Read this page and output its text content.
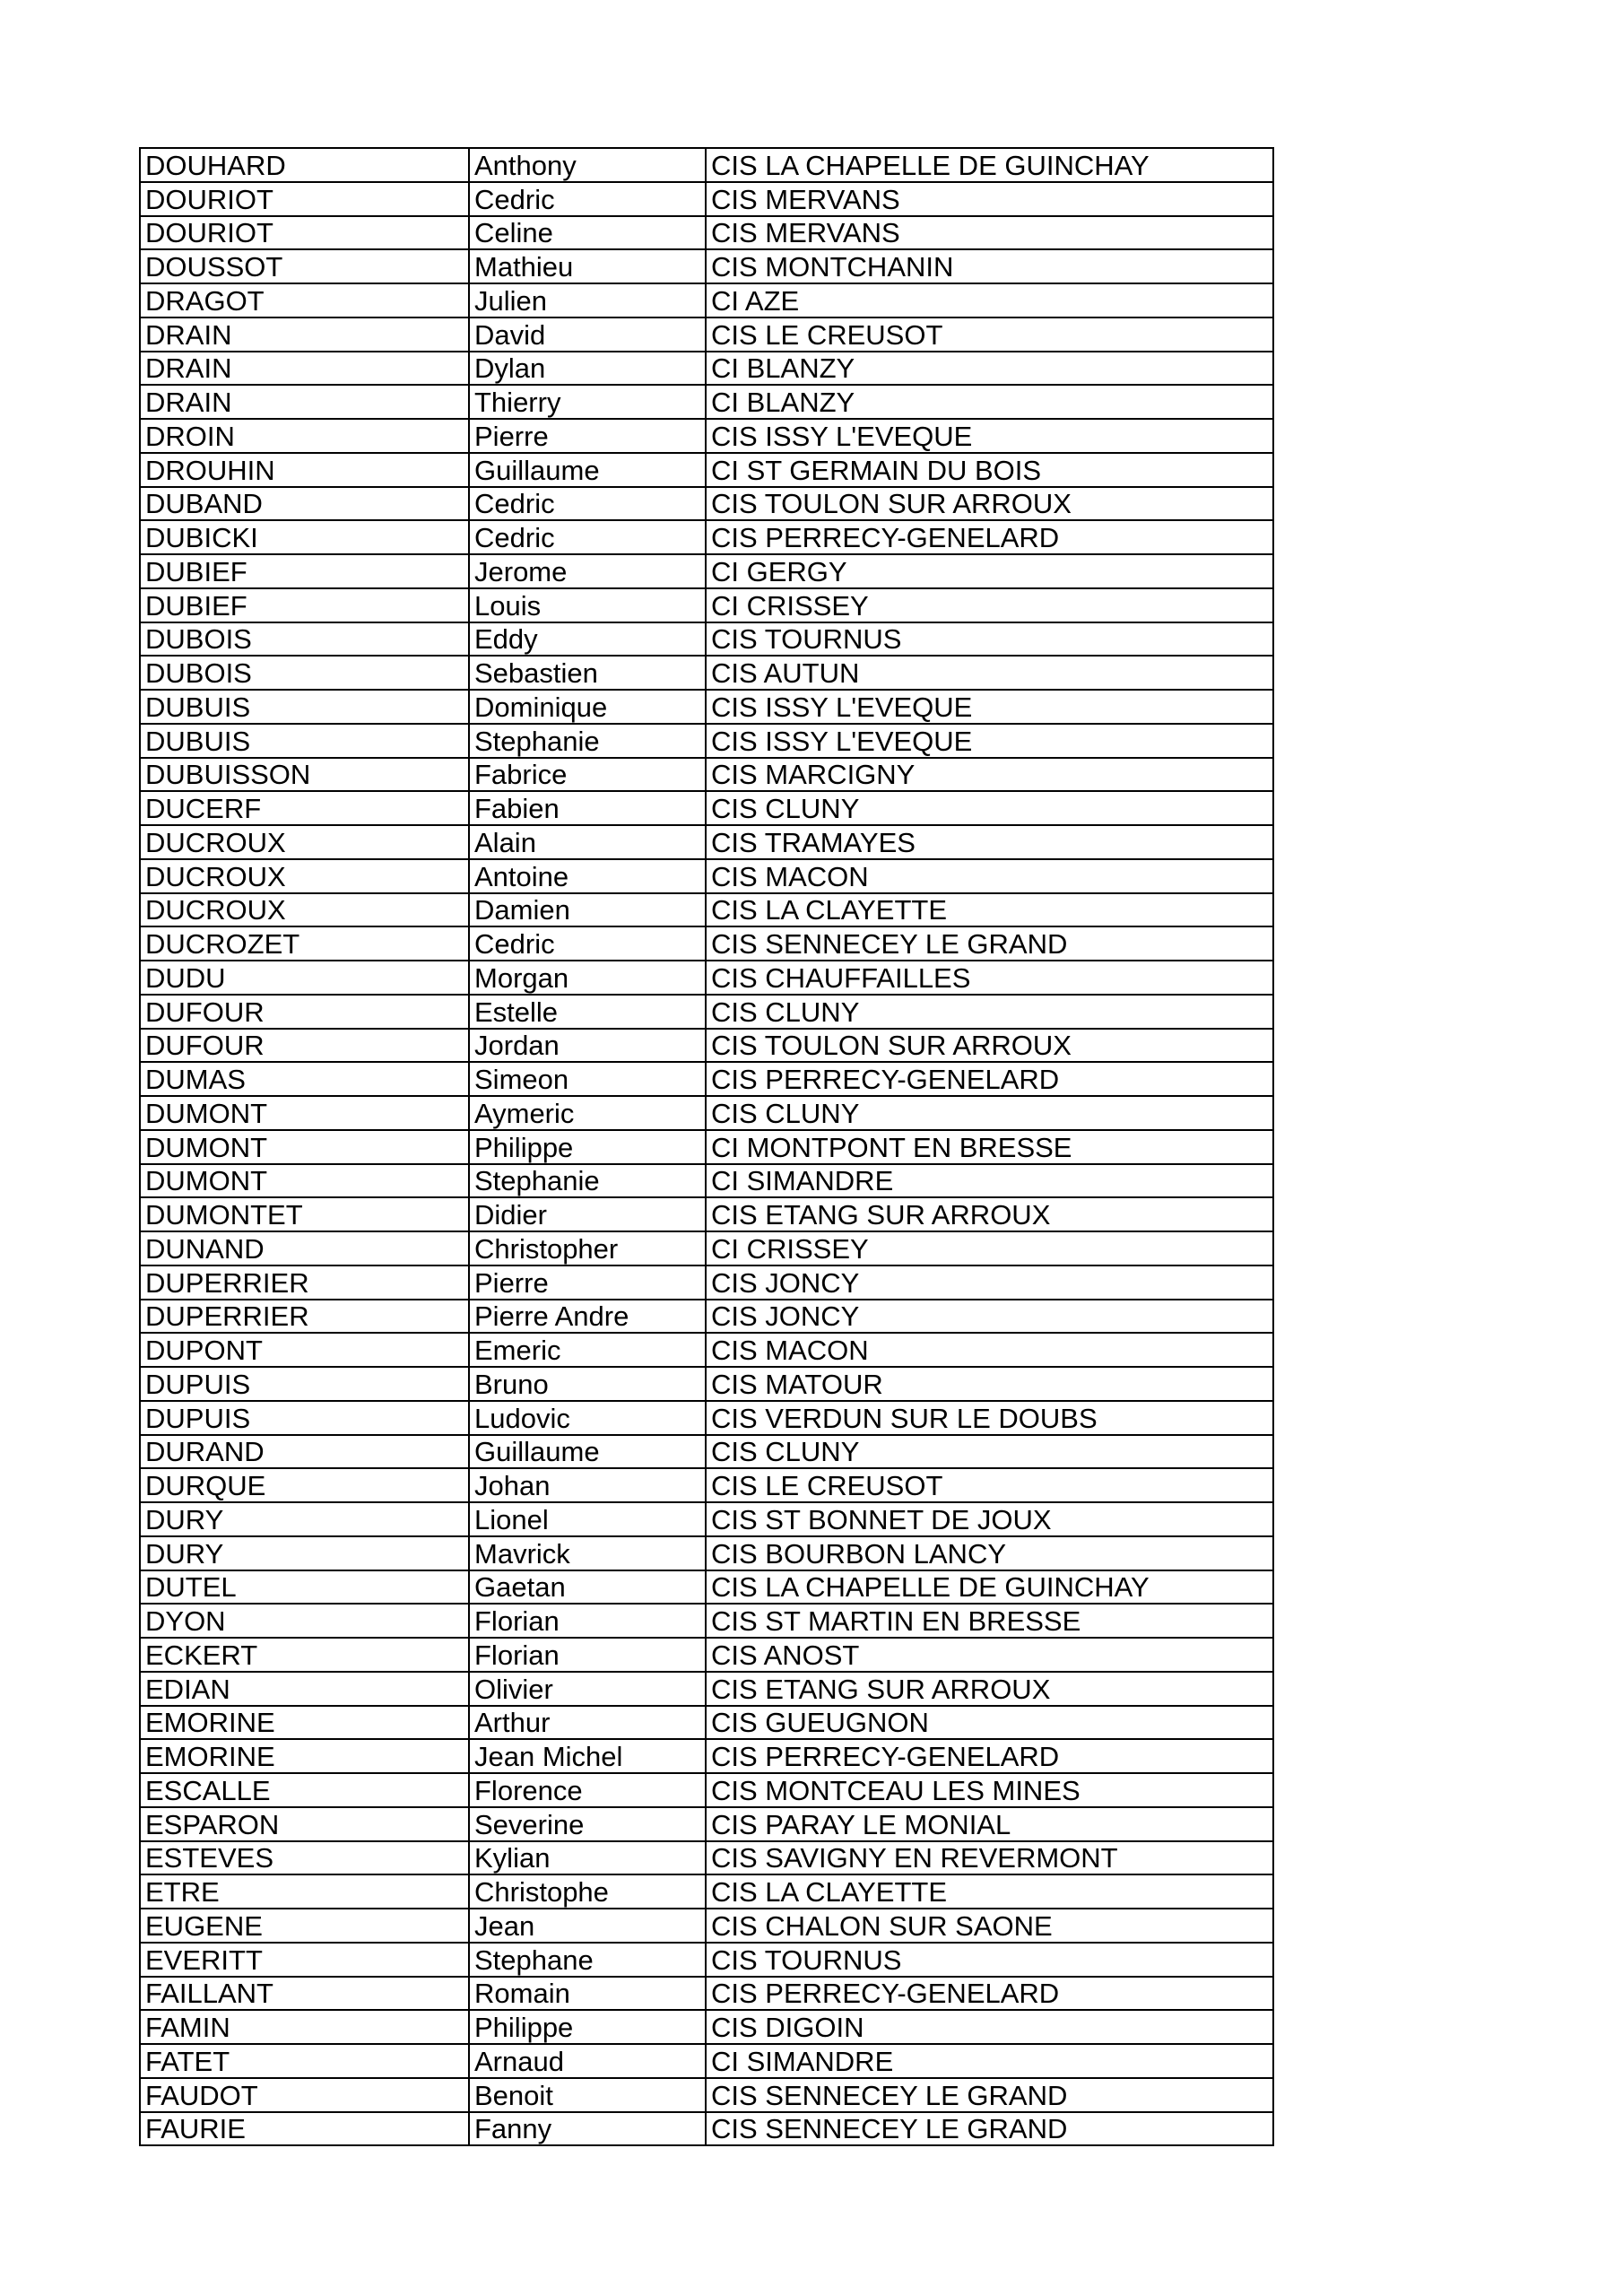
DOUHARD	Anthony	CIS LA CHAPELLE DE GUINCHAY
DOURIOT	Cedric	CIS MERVANS
DOURIOT	Celine	CIS MERVANS
DOUSSOT	Mathieu	CIS MONTCHANIN
DRAGOT	Julien	CI AZE
DRAIN	David	CIS LE CREUSOT
DRAIN	Dylan	CI BLANZY
DRAIN	Thierry	CI BLANZY
DROIN	Pierre	CIS ISSY L'EVEQUE
DROUHIN	Guillaume	CI ST GERMAIN DU BOIS
DUBAND	Cedric	CIS TOULON SUR ARROUX
DUBICKI	Cedric	CIS PERRECY-GENELARD
DUBIEF	Jerome	CI GERGY
DUBIEF	Louis	CI CRISSEY
DUBOIS	Eddy	CIS TOURNUS
DUBOIS	Sebastien	CIS AUTUN
DUBUIS	Dominique	CIS ISSY L'EVEQUE
DUBUIS	Stephanie	CIS ISSY L'EVEQUE
DUBUISSON	Fabrice	CIS MARCIGNY
DUCERF	Fabien	CIS CLUNY
DUCROUX	Alain	CIS TRAMAYES
DUCROUX	Antoine	CIS MACON
DUCROUX	Damien	CIS LA CLAYETTE
DUCROZET	Cedric	CIS SENNECEY LE GRAND
DUDU	Morgan	CIS CHAUFFAILLES
DUFOUR	Estelle	CIS CLUNY
DUFOUR	Jordan	CIS TOULON SUR ARROUX
DUMAS	Simeon	CIS PERRECY-GENELARD
DUMONT	Aymeric	CIS CLUNY
DUMONT	Philippe	CI MONTPONT EN BRESSE
DUMONT	Stephanie	CI SIMANDRE
DUMONTET	Didier	CIS ETANG SUR ARROUX
DUNAND	Christopher	CI CRISSEY
DUPERRIER	Pierre	CIS JONCY
DUPERRIER	Pierre Andre	CIS JONCY
DUPONT	Emeric	CIS MACON
DUPUIS	Bruno	CIS MATOUR
DUPUIS	Ludovic	CIS VERDUN SUR LE DOUBS
DURAND	Guillaume	CIS CLUNY
DURQUE	Johan	CIS LE CREUSOT
DURY	Lionel	CIS ST BONNET DE JOUX
DURY	Mavrick	CIS BOURBON LANCY
DUTEL	Gaetan	CIS LA CHAPELLE DE GUINCHAY
DYON	Florian	CIS ST MARTIN EN BRESSE
ECKERT	Florian	CIS ANOST
EDIAN	Olivier	CIS ETANG SUR ARROUX
EMORINE	Arthur	CIS GUEUGNON
EMORINE	Jean Michel	CIS PERRECY-GENELARD
ESCALLE	Florence	CIS MONTCEAU LES MINES
ESPARON	Severine	CIS PARAY LE MONIAL
ESTEVES	Kylian	CIS SAVIGNY EN REVERMONT
ETRE	Christophe	CIS LA CLAYETTE
EUGENE	Jean	CIS CHALON SUR SAONE
EVERITT	Stephane	CIS TOURNUS
FAILLANT	Romain	CIS PERRECY-GENELARD
FAMIN	Philippe	CIS DIGOIN
FATET	Arnaud	CI SIMANDRE
FAUDOT	Benoit	CIS SENNECEY LE GRAND
FAURIE	Fanny	CIS SENNECEY LE GRAND
